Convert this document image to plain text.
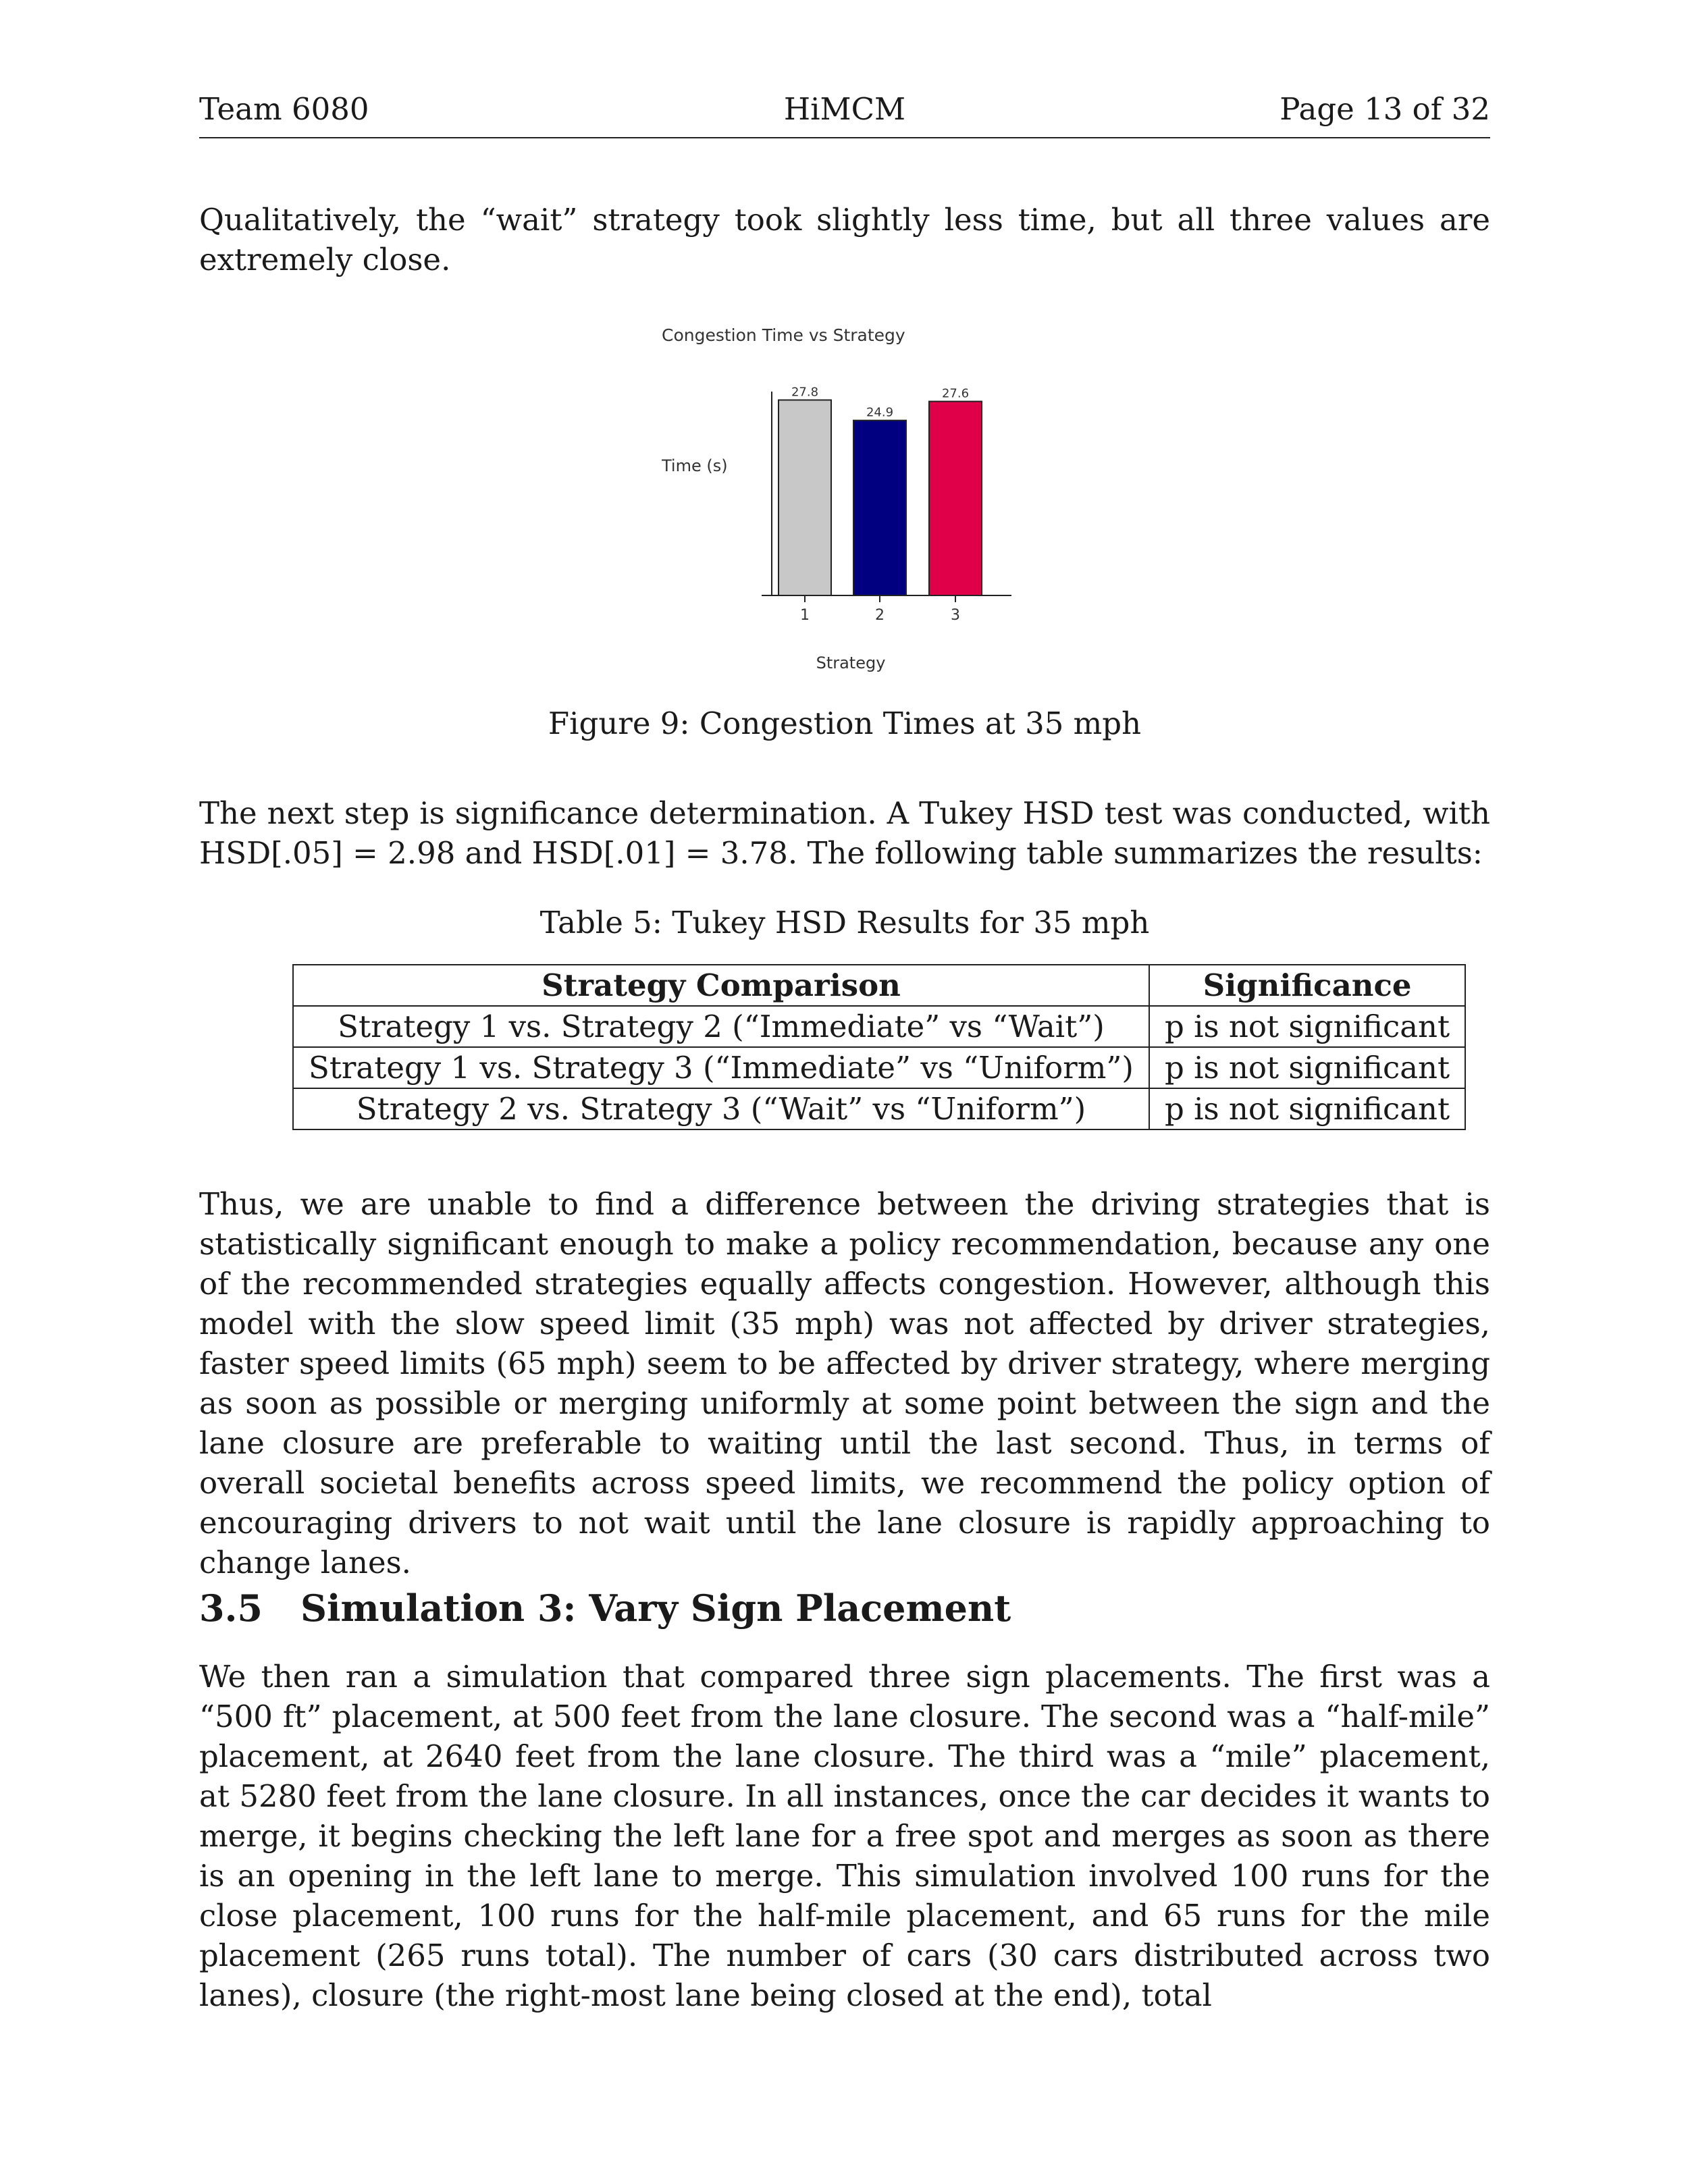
Team 6080	HiMCM	Page 13 of 32

Qualitatively, the “wait” strategy took slightly less time, but all three values are extremely close.

Congestion Time vs Strategy
Time (s)
Strategy
27.8
1
24.9
2
27.6
3
Figure 9: Congestion Times at 35 mph

The next step is significance determination. A Tukey HSD test was conducted, with HSD[.05] = 2.98 and HSD[.01] = 3.78. The following table summarizes the results:

Table 5: Tukey HSD Results for 35 mph
Strategy Comparison	Significance
Strategy 1 vs. Strategy 2 (“Immediate” vs “Wait”)	p is not significant
Strategy 1 vs. Strategy 3 (“Immediate” vs “Uniform”)	p is not significant
Strategy 2 vs. Strategy 3 (“Wait” vs “Uniform”)	p is not significant

Thus, we are unable to find a difference between the driving strategies that is statistically significant enough to make a policy recommendation, because any one of the recommended strategies equally affects congestion. However, although this model with the slow speed limit (35 mph) was not affected by driver strategies, faster speed limits (65 mph) seem to be affected by driver strategy, where merging as soon as possible or merging uniformly at some point between the sign and the lane closure are preferable to waiting until the last second. Thus, in terms of overall societal benefits across speed limits, we recommend the policy option of encouraging drivers to not wait until the lane closure is rapidly approaching to change lanes.

3.5 Simulation 3: Vary Sign Placement

We then ran a simulation that compared three sign placements. The first was a “500 ft” placement, at 500 feet from the lane closure. The second was a “half-mile” placement, at 2640 feet from the lane closure. The third was a “mile” placement, at 5280 feet from the lane closure. In all instances, once the car decides it wants to merge, it begins checking the left lane for a free spot and merges as soon as there is an opening in the left lane to merge. This simulation involved 100 runs for the close placement, 100 runs for the half-mile placement, and 65 runs for the mile placement (265 runs total). The number of cars (30 cars distributed across two lanes), closure (the right-most lane being closed at the end), total
